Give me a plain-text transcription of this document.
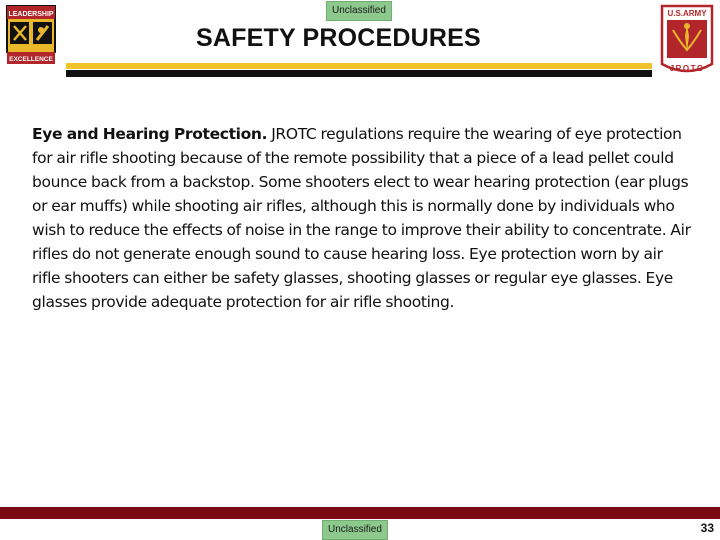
Unclassified
LEADERSHIP
EXCELLENCE
SAFETY PROCEDURES
U.S.ARMY
JROTC

Eye and Hearing Protection. JROTC regulations require the wearing of eye protection for air rifle shooting because of the remote possibility that a piece of a lead pellet could bounce back from a backstop. Some shooters elect to wear hearing protection (ear plugs or ear muffs) while shooting air rifles, although this is normally done by individuals who wish to reduce the effects of noise in the range to improve their ability to concentrate. Air rifles do not generate enough sound to cause hearing loss. Eye protection worn by air rifle shooters can either be safety glasses, shooting glasses or regular eye glasses. Eye glasses provide adequate protection for air rifle shooting.

Unclassified	33
